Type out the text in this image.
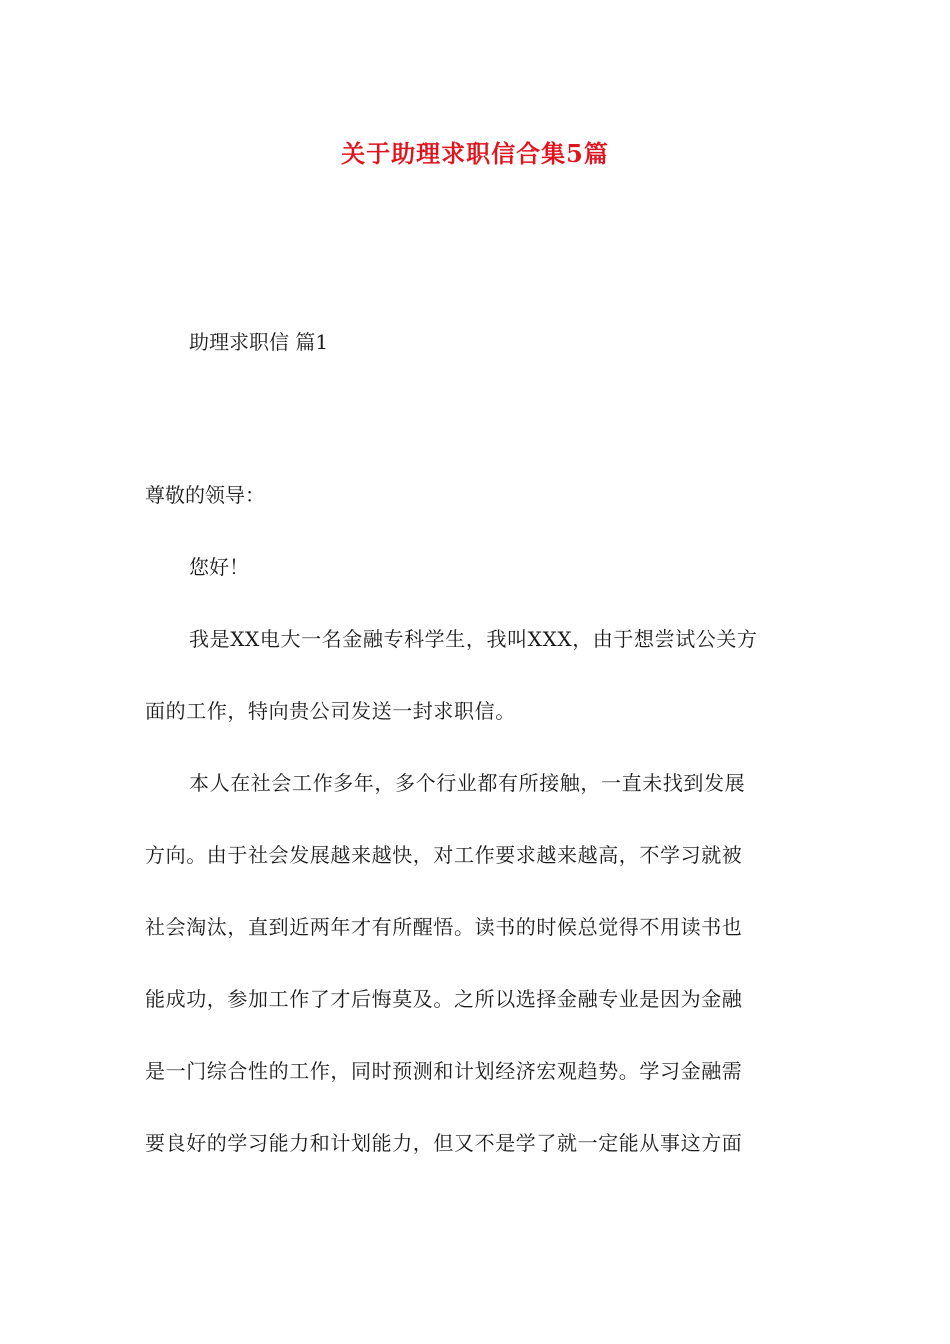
关于助理求职信合集5篇
助理求职信 篇1

尊敬的领导：

您好！

我是XX电大一名金融专科学生，我叫XXX，由于想尝试公关方

面的工作，特向贵公司发送一封求职信。

本人在社会工作多年，多个行业都有所接触，一直未找到发展

方向。由于社会发展越来越快，对工作要求越来越高，不学习就被

社会淘汰，直到近两年才有所醒悟。读书的时候总觉得不用读书也

能成功，参加工作了才后悔莫及。之所以选择金融专业是因为金融

是一门综合性的工作，同时预测和计划经济宏观趋势。学习金融需

要良好的学习能力和计划能力，但又不是学了就一定能从事这方面
